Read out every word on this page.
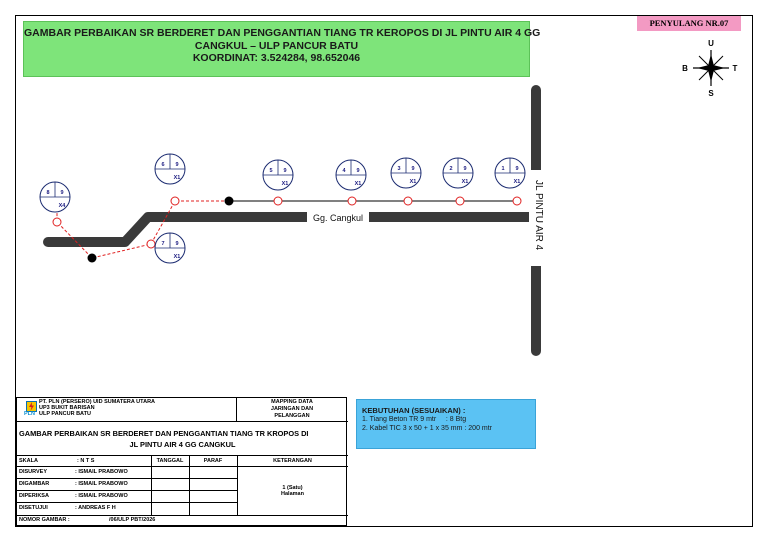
GAMBAR PERBAIKAN SR BERDERET DAN PENGGANTIAN TIANG TR KEROPOS DI JL PINTU AIR 4 GG
CANGKUL – ULP PANCUR BATU
KOORDINAT: 3.524284, 98.652046
PENYULANG NR.07
U
S
B	T
JL PINTU AIR 4
Gg. Cangkul
1 9
X1
2 9
X1
3 9
X1
4 9
X1
5 9
X1
6 9
X1
7 9
X1
8 9
X4
PT. PLN (PERSERO) UID SUMATERA UTARA
UP3 BUKIT BARISAN
PLN ULP PANCUR BATU
MAPPING DATA
JARINGAN DAN
PELANGGAN
GAMBAR PERBAIKAN SR BERDERET DAN PENGGANTIAN TIANG TR KROPOS DI
JL PINTU AIR 4 GG CANGKUL
SKALA	: N T S	TANGGAL	PARAF	KETERANGAN
DISURVEY	: ISMAIL PRABOWO
DIGAMBAR	: ISMAIL PRABOWO
DIPERIKSA	: ISMAIL PRABOWO
DISETUJUI	: ANDREAS F H
1 (Satu)
Halaman
NOMOR GAMBAR :	/06/ULP PBT/2026
KEBUTUHAN (SESUAIKAN) :
1. Tiang Beton TR 9 mtr     : 8 Btg
2. Kabel TIC 3 x 50 + 1 x 35 mm : 200 mtr
